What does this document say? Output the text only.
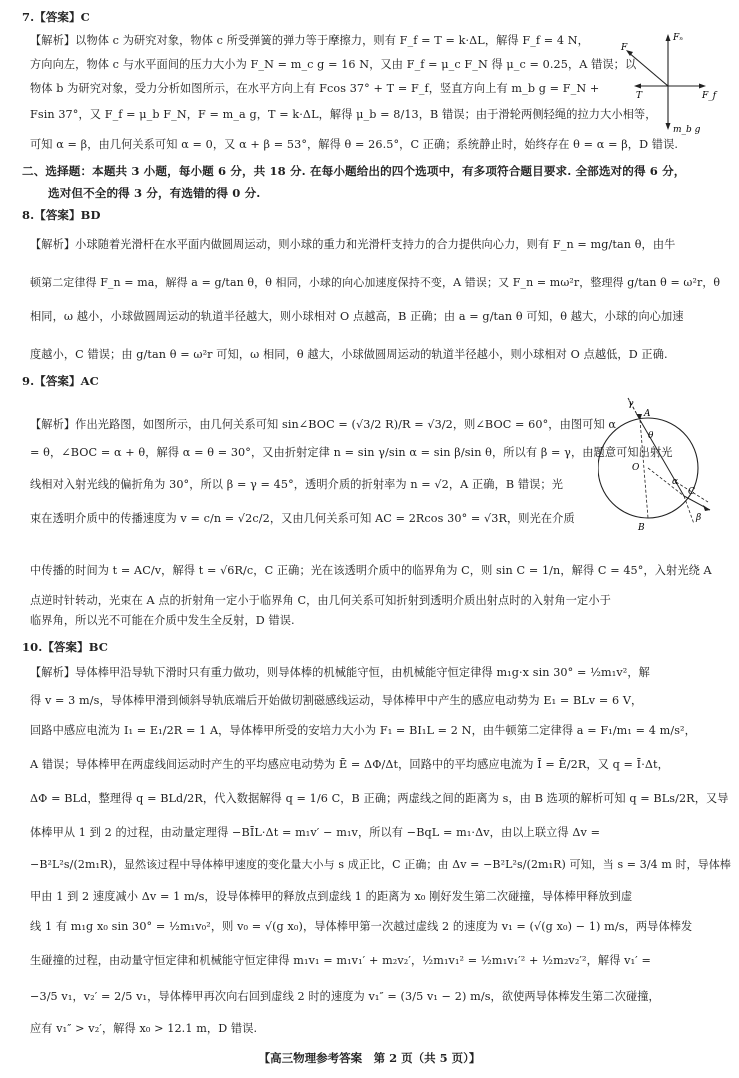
7.【答案】C
【解析】以物体 c 为研究对象，物体 c 所受弹簧的弹力等于摩擦力，则有 F_f = T = k·ΔL，解得 F_f = 4 N，
方向向左，物体 c 与水平面间的压力大小为 F_N = m_c g = 16 N，又由 F_f = μ_c F_N 得 μ_c = 0.25，A 错误；以
物体 b 为研究对象，受力分析如图所示，在水平方向上有 Fcos 37° + T = F_f，竖直方向上有 m_b g = F_N +
Fsin 37°，又 F_f = μ_b F_N，F = m_a g，T = k·ΔL，解得 μ_b = 8/13，B 错误；由于滑轮两侧轻绳的拉力大小相等，
可知 α = β，由几何关系可知 α = 0，又 α + β = 53°，解得 θ = 26.5°，C 正确；系统静止时，始终存在 θ = α = β，D 错误.
F
Fₙ
T	F_f
m_b g
二、选择题：本题共 3 小题，每小题 6 分，共 18 分. 在每小题给出的四个选项中，有多项符合题目要求. 全部选对的得 6 分，
选对但不全的得 3 分，有选错的得 0 分.
8.【答案】BD
【解析】小球随着光滑杆在水平面内做圆周运动，则小球的重力和光滑杆支持力的合力提供向心力，则有 F_n = mg/tan θ，由牛
顿第二定律得 F_n = ma，解得 a = g/tan θ，θ 相同，小球的向心加速度保持不变，A 错误；又 F_n = mω²r，整理得 g/tan θ = ω²r，θ
相同，ω 越小，小球做圆周运动的轨道半径越大，则小球相对 O 点越高，B 正确；由 a = g/tan θ 可知，θ 越大，小球的向心加速
度越小，C 错误；由 g/tan θ = ω²r 可知，ω 相同，θ 越大，小球做圆周运动的轨道半径越小，则小球相对 O 点越低，D 正确.
9.【答案】AC
【解析】作出光路图，如图所示，由几何关系可知 sin∠BOC = (√3/2 R)/R = √3/2，则∠BOC = 60°，由图可知 α
= θ，∠BOC = α + θ，解得 α = θ = 30°，又由折射定律 n = sin γ/sin α = sin β/sin θ，所以有 β = γ，由题意可知出射光
线相对入射光线的偏折角为 30°，所以 β = γ = 45°，透明介质的折射率为 n = √2，A 正确，B 错误；光
束在透明介质中的传播速度为 v = c/n = √2c/2，又由几何关系可知 AC = 2Rcos 30° = √3R，则光在介质
中传播的时间为 t = AC/v，解得 t = √6R/c，C 正确；光在该透明介质中的临界角为 C，则 sin C = 1/n，解得 C = 45°，入射光绕 A
点逆时针转动，光束在 A 点的折射角一定小于临界角 C，由几何关系可知折射到透明介质出射点时的入射角一定小于
临界角，所以光不可能在介质中发生全反射，D 错误.
A
O
B
C
θ
α
β
γ
10.【答案】BC
【解析】导体棒甲沿导轨下滑时只有重力做功，则导体棒的机械能守恒，由机械能守恒定律得 m₁g·x sin 30° = ½m₁v²，解
得 v = 3 m/s，导体棒甲滑到倾斜导轨底端后开始做切割磁感线运动，导体棒甲中产生的感应电动势为 E₁ = BLv = 6 V，
回路中感应电流为 I₁ = E₁/2R = 1 A，导体棒甲所受的安培力大小为 F₁ = BI₁L = 2 N，由牛顿第二定律得 a = F₁/m₁ = 4 m/s²，
A 错误；导体棒甲在两虚线间运动时产生的平均感应电动势为 Ē = ΔΦ/Δt，回路中的平均感应电流为 Ī = Ē/2R，又 q = Ī·Δt，
ΔΦ = BLd，整理得 q = BLd/2R，代入数据解得 q = 1/6 C，B 正确；两虚线之间的距离为 s，由 B 选项的解析可知 q = BLs/2R，又导
体棒甲从 1 到 2 的过程，由动量定理得 −BĪL·Δt = m₁v′ − m₁v，所以有 −BqL = m₁·Δv，由以上联立得 Δv =
−B²L²s/(2m₁R)，显然该过程中导体棒甲速度的变化量大小与 s 成正比，C 正确；由 Δv = −B²L²s/(2m₁R) 可知，当 s = 3/4 m 时，导体棒
甲由 1 到 2 速度减小 Δv = 1 m/s，设导体棒甲的释放点到虚线 1 的距离为 x₀ 刚好发生第二次碰撞，导体棒甲释放到虚
线 1 有 m₁g x₀ sin 30° = ½m₁v₀²，则 v₀ = √(g x₀)，导体棒甲第一次越过虚线 2 的速度为 v₁ = (√(g x₀) − 1) m/s，两导体棒发
生碰撞的过程，由动量守恒定律和机械能守恒定律得 m₁v₁ = m₁v₁′ + m₂v₂′，½m₁v₁² = ½m₁v₁′² + ½m₂v₂′²，解得 v₁′ =
−3/5 v₁，v₂′ = 2/5 v₁，导体棒甲再次向右回到虚线 2 时的速度为 v₁″ = (3/5 v₁ − 2) m/s，欲使两导体棒发生第二次碰撞，
应有 v₁″ > v₂′，解得 x₀ > 12.1 m，D 错误.
【高三物理参考答案　第 2 页（共 5 页）】
